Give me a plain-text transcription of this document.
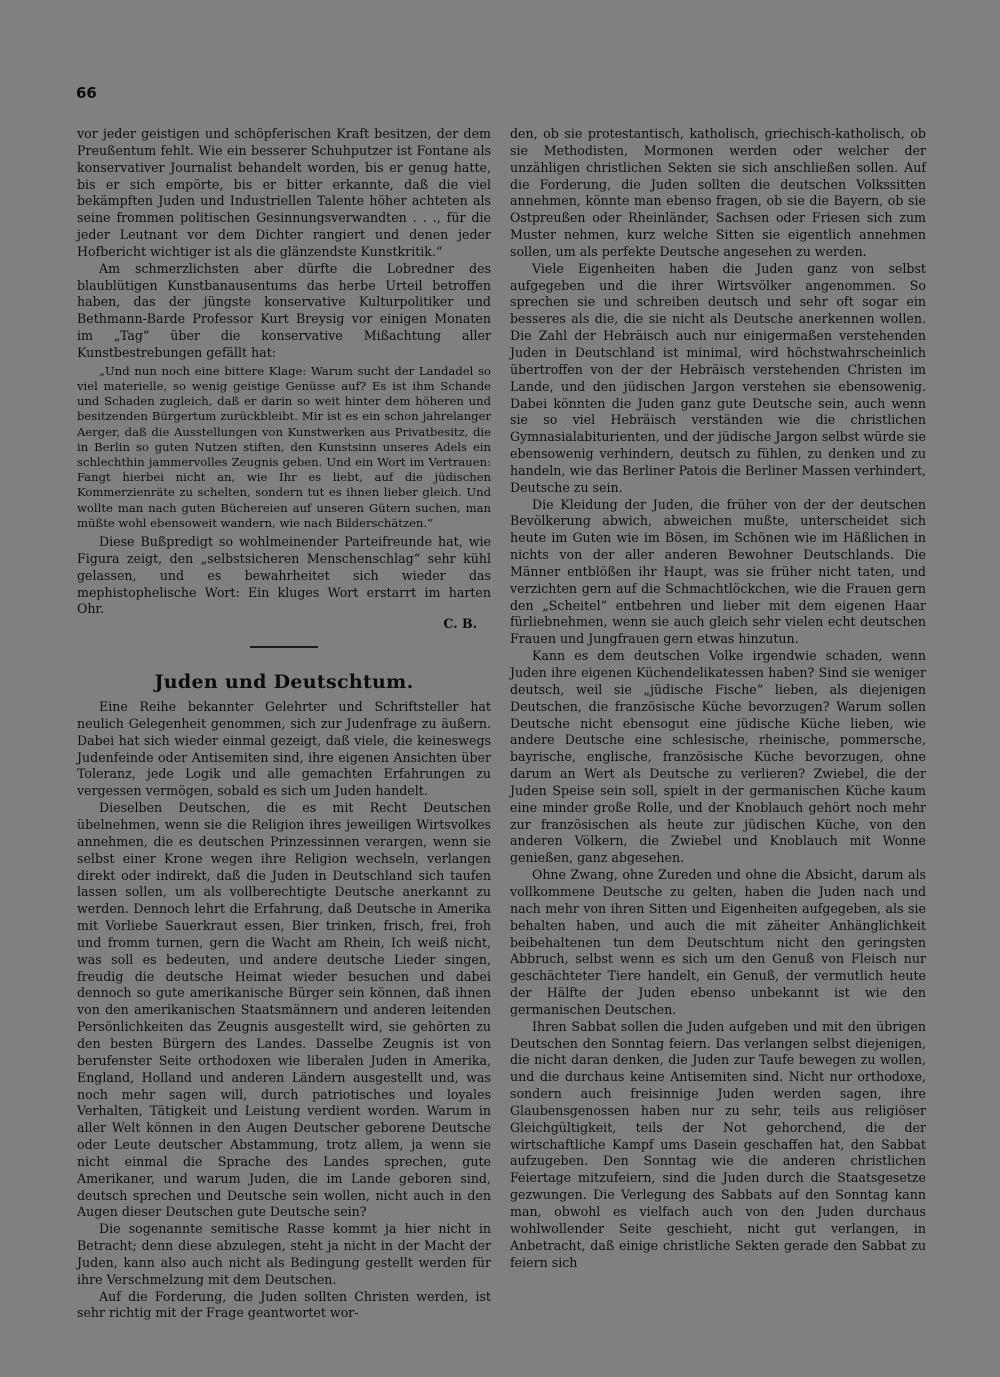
66

vor jeder geistigen und schöpferischen Kraft besitzen, der dem Preußentum fehlt. Wie ein besserer Schuhputzer ist Fontane als konservativer Journalist behandelt worden, bis er genug hatte, bis er sich empörte, bis er bitter erkannte, daß die viel bekämpften Juden und Industriellen Talente höher achteten als seine frommen politischen Gesinnungsverwandten . . ., für die jeder Leutnant vor dem Dichter rangiert und denen jeder Hofbericht wichtiger ist als die glänzendste Kunstkritik.“

Am schmerzlichsten aber dürfte die Lobredner des blaublütigen Kunstbanausentums das herbe Urteil betroffen haben, das der jüngste konservative Kulturpolitiker und Bethmann-Barde Professor Kurt Breysig vor einigen Monaten im „Tag“ über die konservative Mißachtung aller Kunstbestrebungen gefällt hat:

„Und nun noch eine bittere Klage: Warum sucht der Landadel so viel materielle, so wenig geistige Genüsse auf? Es ist ihm Schande und Schaden zugleich, daß er darin so weit hinter dem höheren und besitzenden Bürgertum zurückbleibt. Mir ist es ein schon jahrelanger Aerger, daß die Ausstellungen von Kunstwerken aus Privatbesitz, die in Berlin so guten Nutzen stiften, den Kunstsinn unseres Adels ein schlechthin jammervolles Zeugnis geben. Und ein Wort im Vertrauen: Fangt hierbei nicht an, wie Ihr es liebt, auf die jüdischen Kommerzienräte zu schelten, sondern tut es ihnen lieber gleich. Und wollte man nach guten Büchereien auf unseren Gütern suchen, man müßte wohl ebensoweit wandern, wie nach Bilderschätzen.“

Diese Bußpredigt so wohlmeinender Parteifreunde hat, wie Figura zeigt, den „selbstsicheren Menschenschlag“ sehr kühl gelassen, und es bewahrheitet sich wieder das mephistophelische Wort: Ein kluges Wort erstarrt im harten Ohr.

C. B.
Juden und Deutschtum.

Eine Reihe bekannter Gelehrter und Schriftsteller hat neulich Gelegenheit genommen, sich zur Judenfrage zu äußern. Dabei hat sich wieder einmal gezeigt, daß viele, die keineswegs Judenfeinde oder Antisemiten sind, ihre eigenen Ansichten über Toleranz, jede Logik und alle gemachten Erfahrungen zu vergessen vermögen, sobald es sich um Juden handelt.

Dieselben Deutschen, die es mit Recht Deutschen übelnehmen, wenn sie die Religion ihres jeweiligen Wirtsvolkes annehmen, die es deutschen Prinzessinnen verargen, wenn sie selbst einer Krone wegen ihre Religion wechseln, verlangen direkt oder indirekt, daß die Juden in Deutschland sich taufen lassen sollen, um als vollberechtigte Deutsche anerkannt zu werden. Dennoch lehrt die Erfahrung, daß Deutsche in Amerika mit Vorliebe Sauerkraut essen, Bier trinken, frisch, frei, froh und fromm turnen, gern die Wacht am Rhein, Ich weiß nicht, was soll es bedeuten, und andere deutsche Lieder singen, freudig die deutsche Heimat wieder besuchen und dabei dennoch so gute amerikanische Bürger sein können, daß ihnen von den amerikanischen Staatsmännern und anderen leitenden Persönlichkeiten das Zeugnis ausgestellt wird, sie gehörten zu den besten Bürgern des Landes. Dasselbe Zeugnis ist von berufenster Seite orthodoxen wie liberalen Juden in Amerika, England, Holland und anderen Ländern ausgestellt und, was noch mehr sagen will, durch patriotisches und loyales Verhalten, Tätigkeit und Leistung verdient worden. Warum in aller Welt können in den Augen Deutscher geborene Deutsche oder Leute deutscher Abstammung, trotz allem, ja wenn sie nicht einmal die Sprache des Landes sprechen, gute Amerikaner, und warum Juden, die im Lande geboren sind, deutsch sprechen und Deutsche sein wollen, nicht auch in den Augen dieser Deutschen gute Deutsche sein?

Die sogenannte semitische Rasse kommt ja hier nicht in Betracht; denn diese abzulegen, steht ja nicht in der Macht der Juden, kann also auch nicht als Bedingung gestellt werden für ihre Verschmelzung mit dem Deutschen.

Auf die Forderung, die Juden sollten Christen werden, ist sehr richtig mit der Frage geantwortet wor-

den, ob sie protestantisch, katholisch, griechisch-katholisch, ob sie Methodisten, Mormonen werden oder welcher der unzähligen christlichen Sekten sie sich anschließen sollen. Auf die Forderung, die Juden sollten die deutschen Volkssitten annehmen, könnte man ebenso fragen, ob sie die Bayern, ob sie Ostpreußen oder Rheinländer, Sachsen oder Friesen sich zum Muster nehmen, kurz welche Sitten sie eigentlich annehmen sollen, um als perfekte Deutsche angesehen zu werden.

Viele Eigenheiten haben die Juden ganz von selbst aufgegeben und die ihrer Wirtsvölker angenommen. So sprechen sie und schreiben deutsch und sehr oft sogar ein besseres als die, die sie nicht als Deutsche anerkennen wollen. Die Zahl der Hebräisch auch nur einigermaßen verstehenden Juden in Deutschland ist minimal, wird höchstwahrscheinlich übertroffen von der der Hebräisch verstehenden Christen im Lande, und den jüdischen Jargon verstehen sie ebensowenig. Dabei könnten die Juden ganz gute Deutsche sein, auch wenn sie so viel Hebräisch verständen wie die christlichen Gymnasialabiturienten, und der jüdische Jargon selbst würde sie ebensowenig verhindern, deutsch zu fühlen, zu denken und zu handeln, wie das Berliner Patois die Berliner Massen verhindert, Deutsche zu sein.

Die Kleidung der Juden, die früher von der der deutschen Bevölkerung abwich, abweichen mußte, unterscheidet sich heute im Guten wie im Bösen, im Schönen wie im Häßlichen in nichts von der aller anderen Bewohner Deutschlands. Die Männer entblößen ihr Haupt, was sie früher nicht taten, und verzichten gern auf die Schmachtlöckchen, wie die Frauen gern den „Scheitel“ entbehren und lieber mit dem eigenen Haar fürliebnehmen, wenn sie auch gleich sehr vielen echt deutschen Frauen und Jungfrauen gern etwas hinzutun.

Kann es dem deutschen Volke irgendwie schaden, wenn Juden ihre eigenen Küchendelikatessen haben? Sind sie weniger deutsch, weil sie „jüdische Fische“ lieben, als diejenigen Deutschen, die französische Küche bevorzugen? Warum sollen Deutsche nicht ebensogut eine jüdische Küche lieben, wie andere Deutsche eine schlesische, rheinische, pommersche, bayrische, englische, französische Küche bevorzugen, ohne darum an Wert als Deutsche zu verlieren? Zwiebel, die der Juden Speise sein soll, spielt in der germanischen Küche kaum eine minder große Rolle, und der Knoblauch gehört noch mehr zur französischen als heute zur jüdischen Küche, von den anderen Völkern, die Zwiebel und Knoblauch mit Wonne genießen, ganz abgesehen.

Ohne Zwang, ohne Zureden und ohne die Absicht, darum als vollkommene Deutsche zu gelten, haben die Juden nach und nach mehr von ihren Sitten und Eigenheiten aufgegeben, als sie behalten haben, und auch die mit zäheiter Anhänglichkeit beibehaltenen tun dem Deutschtum nicht den geringsten Abbruch, selbst wenn es sich um den Genuß von Fleisch nur geschächteter Tiere handelt, ein Genuß, der vermutlich heute der Hälfte der Juden ebenso unbekannt ist wie den germanischen Deutschen.

Ihren Sabbat sollen die Juden aufgeben und mit den übrigen Deutschen den Sonntag feiern. Das verlangen selbst diejenigen, die nicht daran denken, die Juden zur Taufe bewegen zu wollen, und die durchaus keine Antisemiten sind. Nicht nur orthodoxe, sondern auch freisinnige Juden werden sagen, ihre Glaubensgenossen haben nur zu sehr, teils aus religiöser Gleichgültigkeit, teils der Not gehorchend, die der wirtschaftliche Kampf ums Dasein geschaffen hat, den Sabbat aufzugeben. Den Sonntag wie die anderen christlichen Feiertage mitzufeiern, sind die Juden durch die Staatsgesetze gezwungen. Die Verlegung des Sabbats auf den Sonntag kann man, obwohl es vielfach auch von den Juden durchaus wohlwollender Seite geschieht, nicht gut verlangen, in Anbetracht, daß einige christliche Sekten gerade den Sabbat zu feiern sich
